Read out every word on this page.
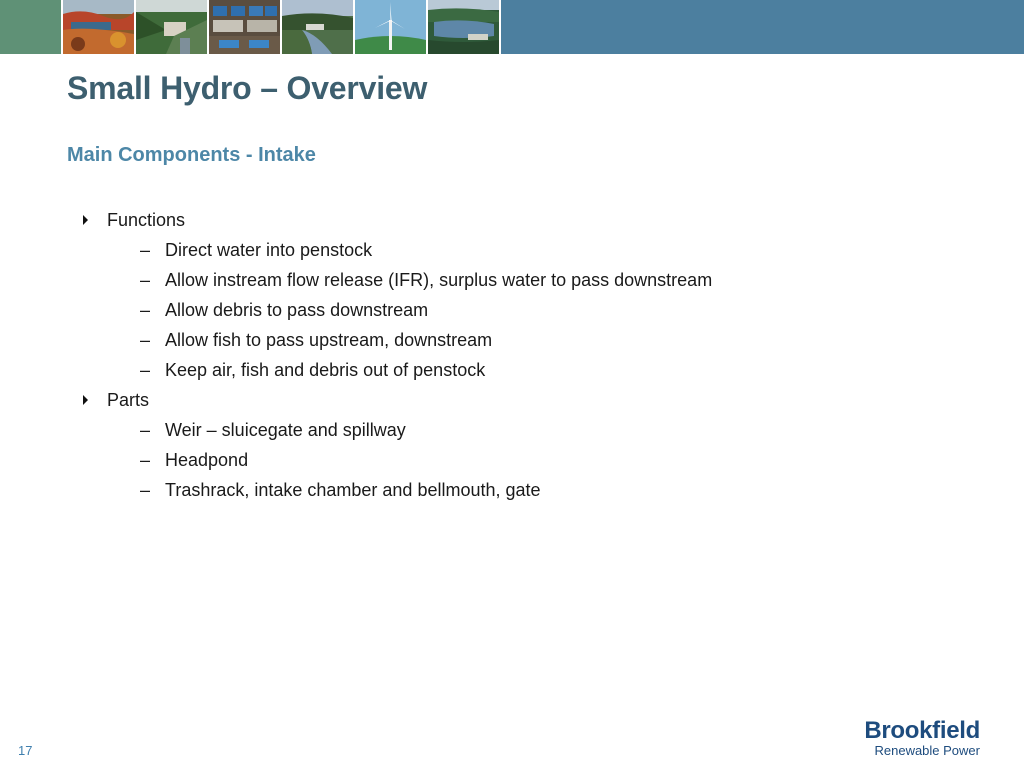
Small Hydro – Overview
Main Components - Intake
Functions
– Direct water into penstock
– Allow instream flow release (IFR), surplus water to pass downstream
– Allow debris to pass downstream
– Allow fish to pass upstream, downstream
– Keep air, fish and debris out of penstock
Parts
– Weir – sluicegate and spillway
– Headpond
– Trashrack, intake chamber and bellmouth, gate
17
Brookfield
Renewable Power
